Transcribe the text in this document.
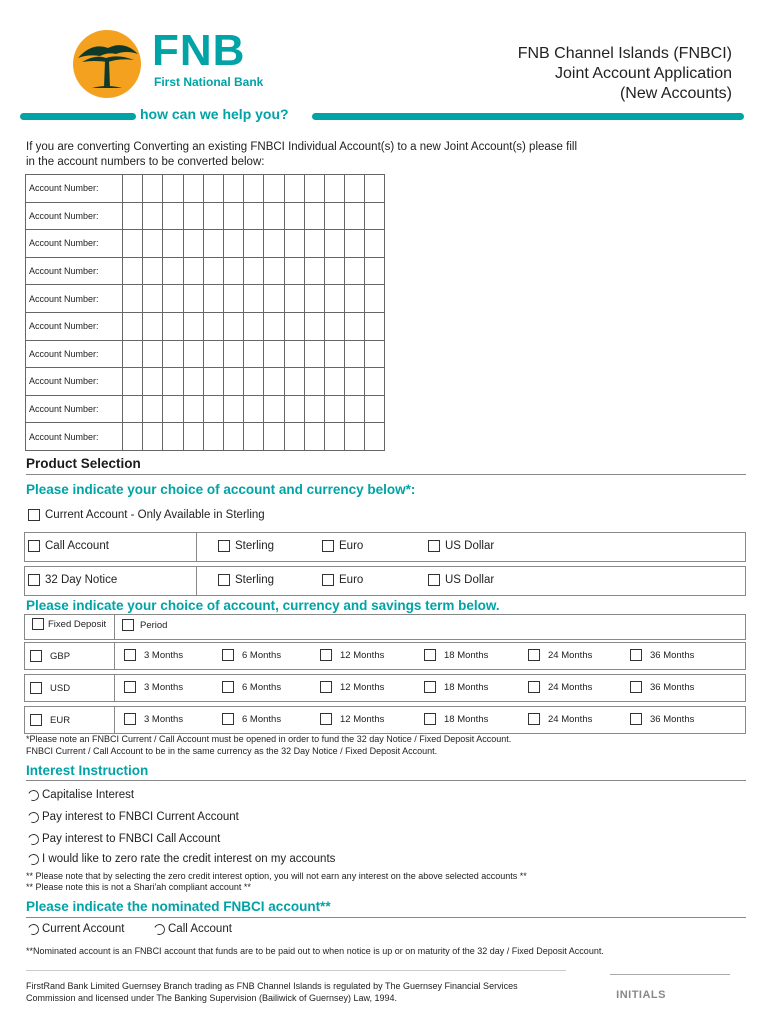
FNB
First National Bank
FNB Channel Islands (FNBCI)
Joint Account Application
(New Accounts)
how can we help you?
If you are converting Converting an existing FNBCI Individual Account(s) to a new Joint Account(s) please fill
in the account numbers to be converted below:
Account Number:													
Account Number:													
Account Number:													
Account Number:													
Account Number:													
Account Number:													
Account Number:													
Account Number:													
Account Number:													
Account Number:													
Product Selection
Please indicate your choice of account and currency below*:
Current Account - Only Available in Sterling
Call Account	Sterling	Euro	US Dollar
32 Day Notice	Sterling	Euro	US Dollar
Please indicate your choice of account, currency and savings term below.
Fixed Deposit	Period
GBP	3 Months	6 Months	12 Months	18 Months	24 Months	36 Months
USD	3 Months	6 Months	12 Months	18 Months	24 Months	36 Months
EUR	3 Months	6 Months	12 Months	18 Months	24 Months	36 Months
*Please note an FNBCI Current / Call Account must be opened in order to fund the 32 day Notice / Fixed Deposit Account.
FNBCI Current / Call Account to be in the same currency as the 32 Day Notice / Fixed Deposit Account.
Interest Instruction
Capitalise Interest
Pay interest to FNBCI Current Account
Pay interest to FNBCI Call Account
I would like to zero rate the credit interest on my accounts
** Please note that by selecting the zero credit interest option, you will not earn any interest on the above selected accounts **
** Please note this is not a Shari'ah compliant account **
Please indicate the nominated FNBCI account**
Current Account	Call Account
**Nominated account is an FNBCI account that funds are to be paid out to when notice is up or on maturity of the 32 day / Fixed Deposit Account.
FirstRand Bank Limited Guernsey Branch trading as FNB Channel Islands is regulated by The Guernsey Financial Services
Commission and licensed under The Banking Supervision (Bailiwick of Guernsey) Law, 1994.	INITIALS
